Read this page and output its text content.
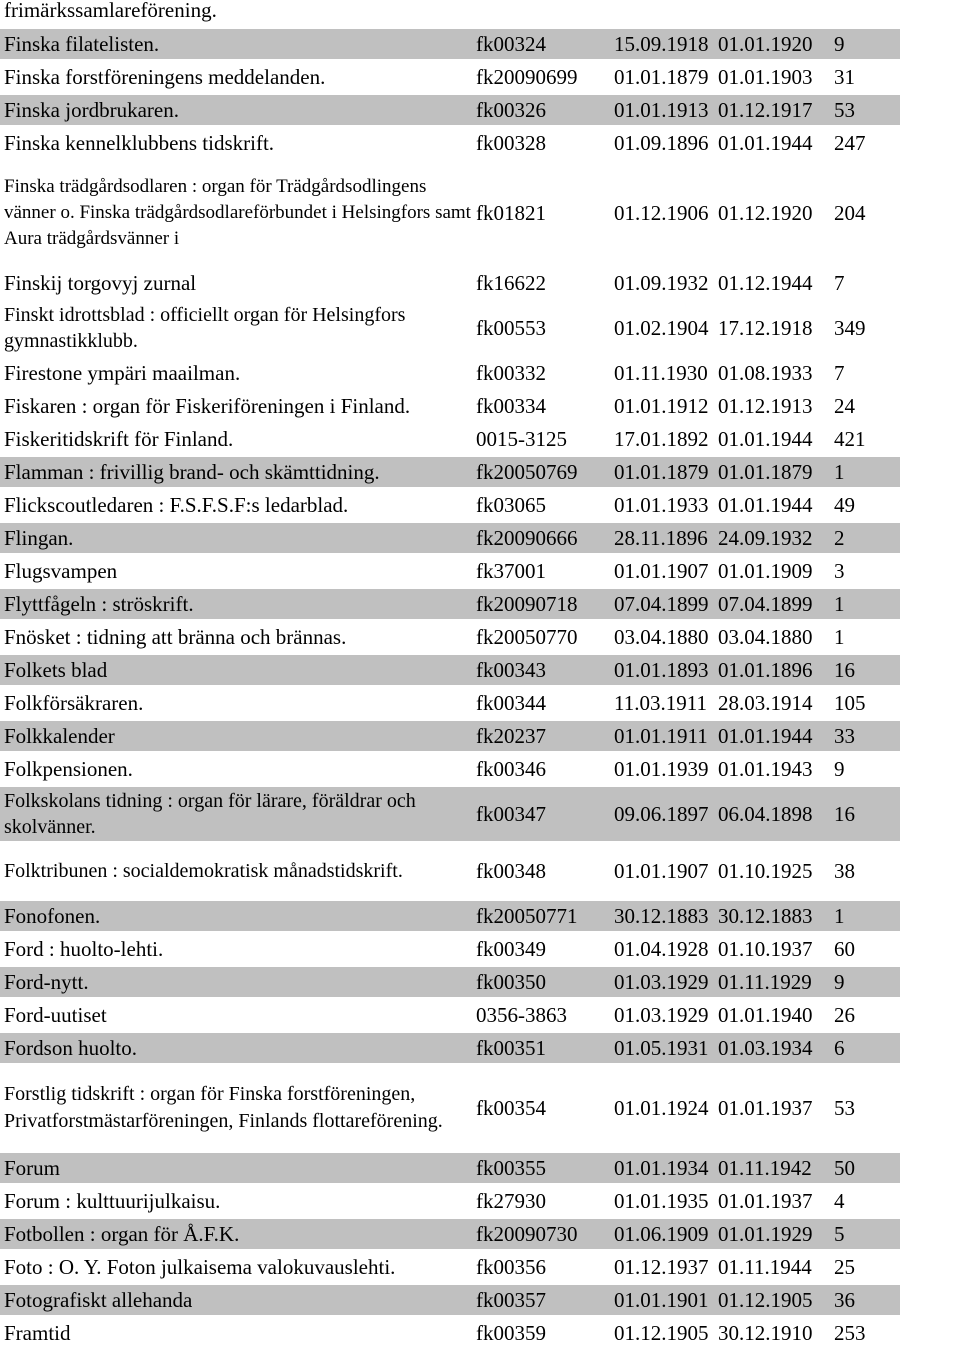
frimärkssamlareförening.
Finska filatelisten.	fk00324	15.09.1918	01.01.1920	9
Finska forstföreningens meddelanden.	fk20090699	01.01.1879	01.01.1903	31
Finska jordbrukaren.	fk00326	01.01.1913	01.12.1917	53
Finska kennelklubbens tidskrift.	fk00328	01.09.1896	01.01.1944	247
Finska trädgårdsodlaren : organ för Trädgårdsodlingens vänner o. Finska trädgårdsodlareförbundet i Helsingfors samt Aura trädgårdsvänner i	fk01821	01.12.1906	01.12.1920	204
Finskij torgovyj zurnal	fk16622	01.09.1932	01.12.1944	7
Finskt idrottsblad : officiellt organ för Helsingfors gymnastikklubb.	fk00553	01.02.1904	17.12.1918	349
Firestone ympäri maailman.	fk00332	01.11.1930	01.08.1933	7
Fiskaren : organ för Fiskeriföreningen i Finland.	fk00334	01.01.1912	01.12.1913	24
Fiskeritidskrift för Finland.	0015-3125	17.01.1892	01.01.1944	421
Flamman : frivillig brand- och skämttidning.	fk20050769	01.01.1879	01.01.1879	1
Flickscoutledaren : F.S.F.S.F:s ledarblad.	fk03065	01.01.1933	01.01.1944	49
Flingan.	fk20090666	28.11.1896	24.09.1932	2
Flugsvampen	fk37001	01.01.1907	01.01.1909	3
Flyttfågeln : ströskrift.	fk20090718	07.04.1899	07.04.1899	1
Fnösket : tidning att bränna och brännas.	fk20050770	03.04.1880	03.04.1880	1
Folkets blad	fk00343	01.01.1893	01.01.1896	16
Folkförsäkraren.	fk00344	11.03.1911	28.03.1914	105
Folkkalender	fk20237	01.01.1911	01.01.1944	33
Folkpensionen.	fk00346	01.01.1939	01.01.1943	9
Folkskolans tidning : organ för lärare, föräldrar och skolvänner.	fk00347	09.06.1897	06.04.1898	16
Folktribunen : socialdemokratisk månadstidskrift.	fk00348	01.01.1907	01.10.1925	38
Fonofonen.	fk20050771	30.12.1883	30.12.1883	1
Ford : huolto-lehti.	fk00349	01.04.1928	01.10.1937	60
Ford-nytt.	fk00350	01.03.1929	01.11.1929	9
Ford-uutiset	0356-3863	01.03.1929	01.01.1940	26
Fordson huolto.	fk00351	01.05.1931	01.03.1934	6
Forstlig tidskrift : organ för Finska forstföreningen, Privatforstmästarföreningen, Finlands flottareförening.	fk00354	01.01.1924	01.01.1937	53
Forum	fk00355	01.01.1934	01.11.1942	50
Forum : kulttuurijulkaisu.	fk27930	01.01.1935	01.01.1937	4
Fotbollen : organ för Å.F.K.	fk20090730	01.06.1909	01.01.1929	5
Foto : O. Y. Foton julkaisema valokuvauslehti.	fk00356	01.12.1937	01.11.1944	25
Fotografiskt allehanda	fk00357	01.01.1901	01.12.1905	36
Framtid	fk00359	01.12.1905	30.12.1910	253
